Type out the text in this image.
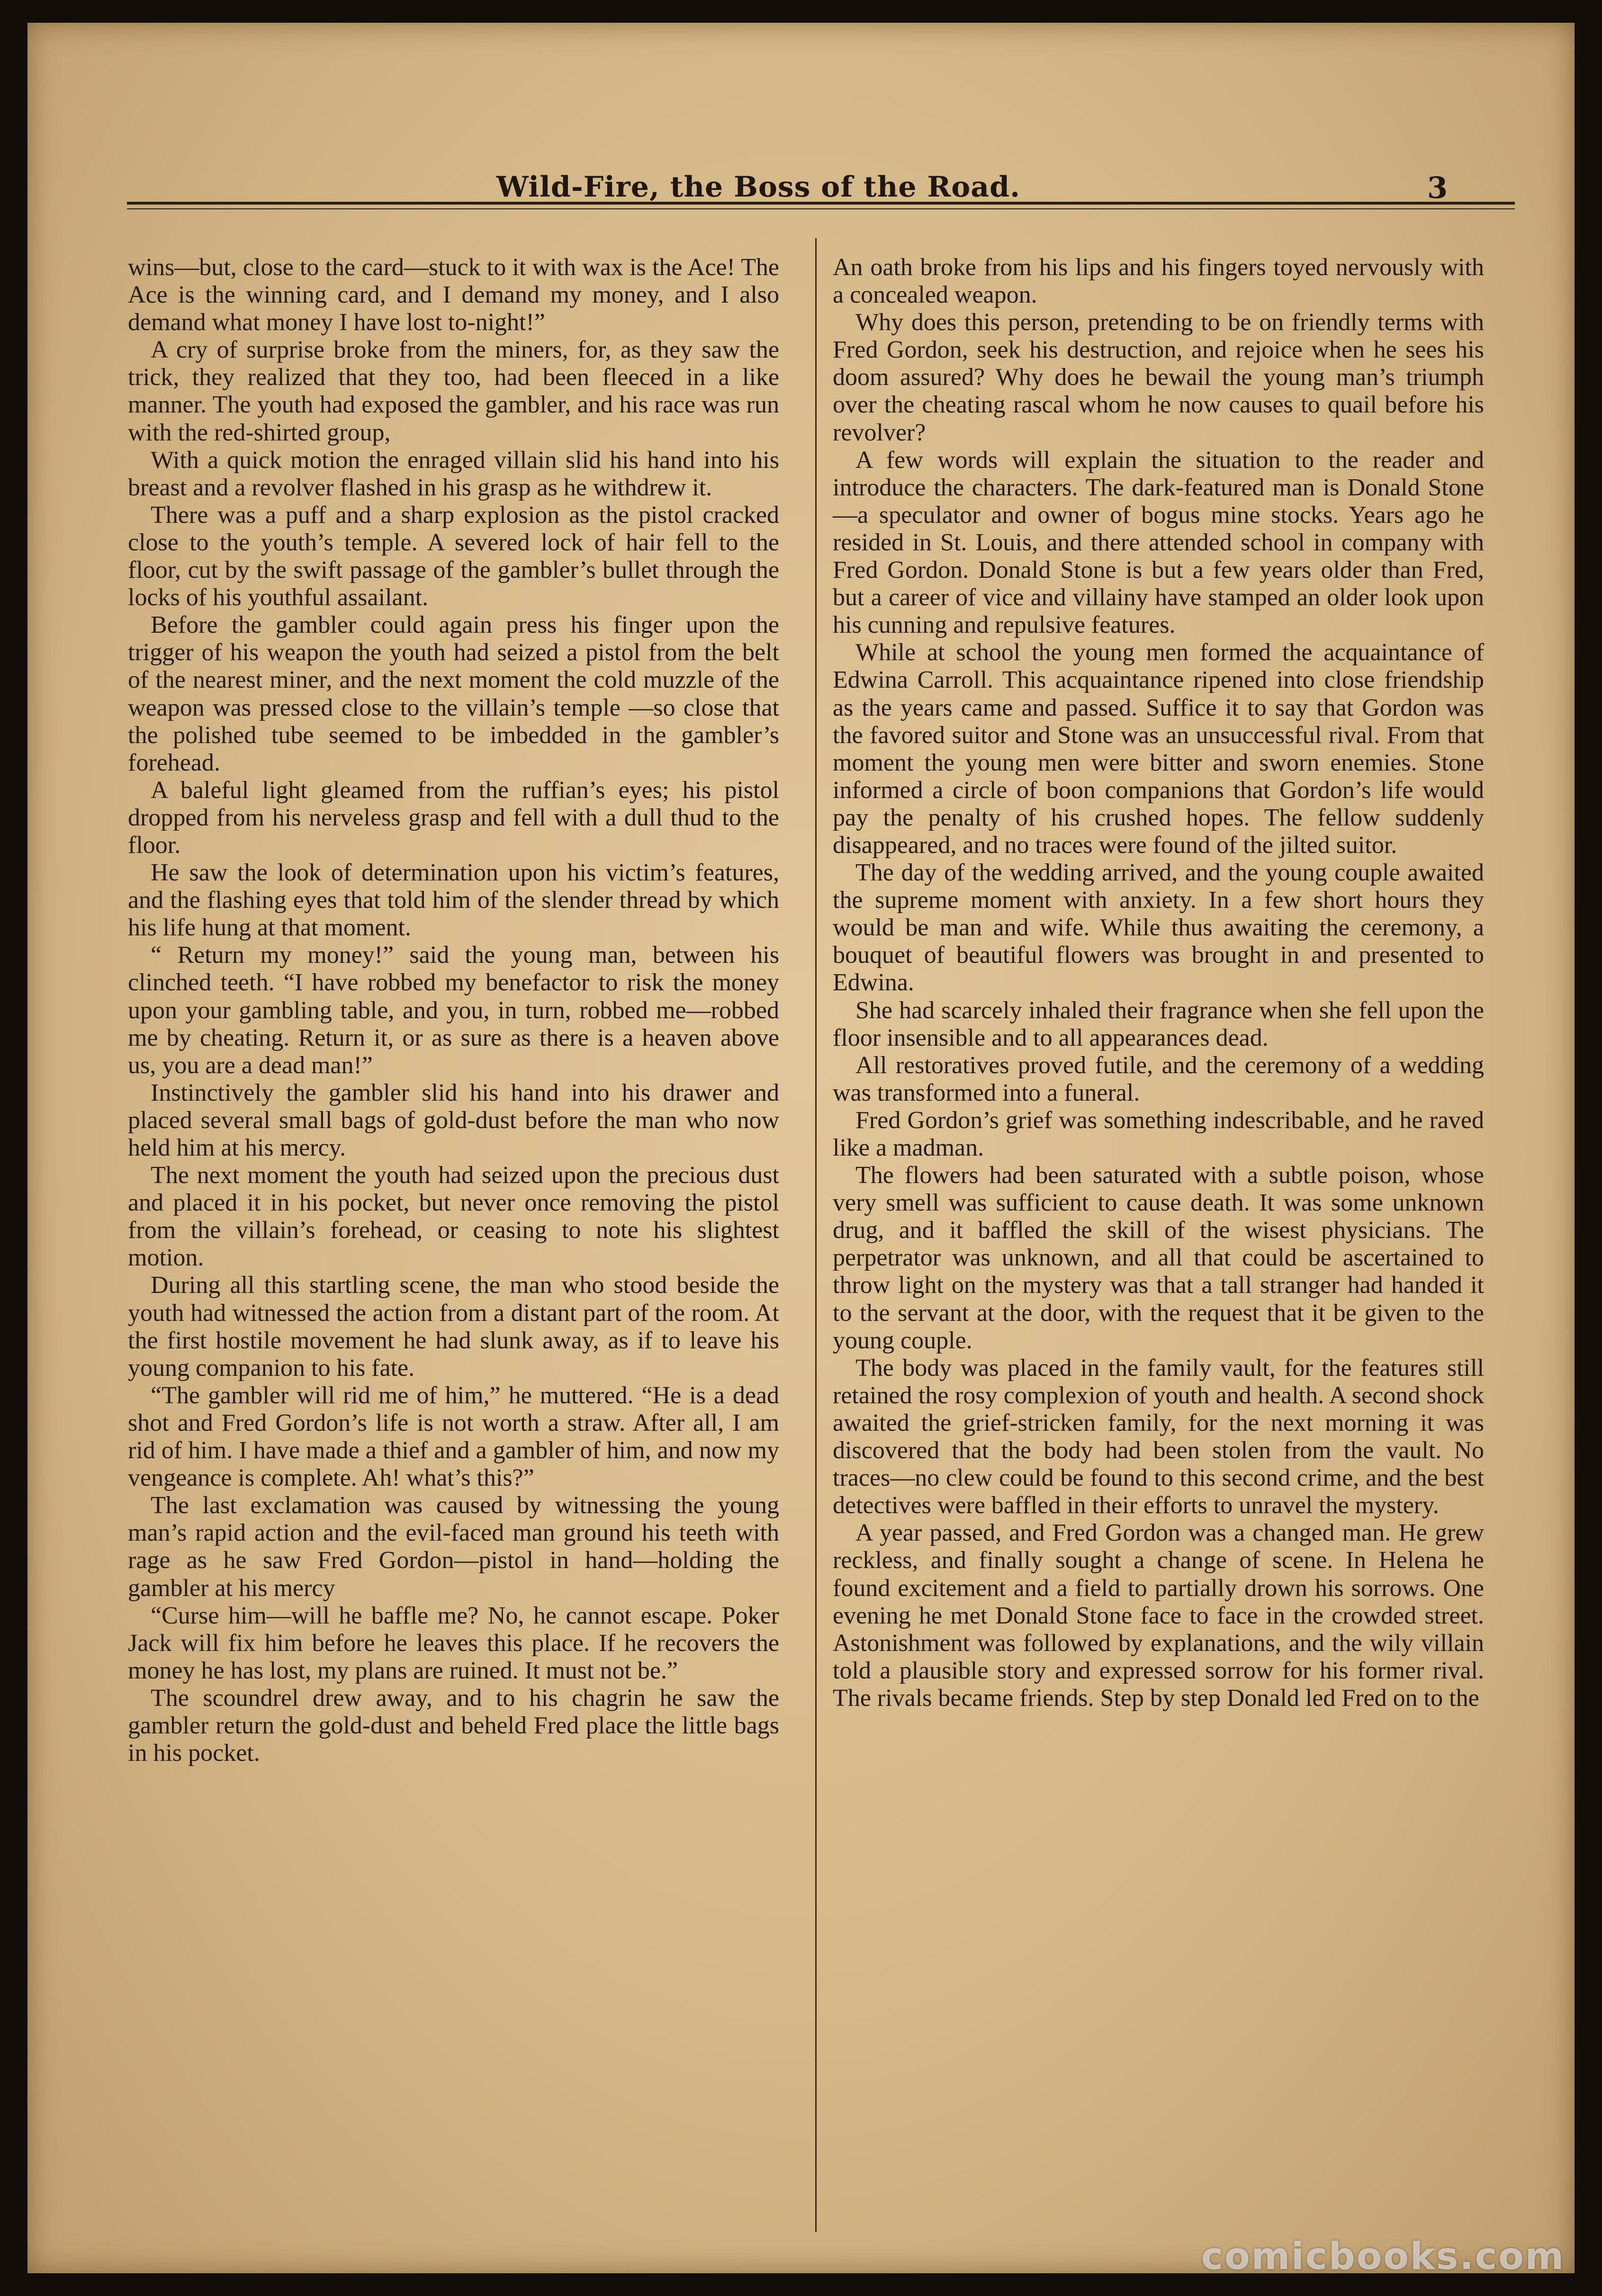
Wild-Fire, the Boss of the Road.	3

wins—but, close to the card—stuck to it with wax is the Ace! The Ace is the winning card, and I demand my money, and I also demand what money I have lost to-night!”

A cry of surprise broke from the miners, for, as they saw the trick, they realized that they too, had been fleeced in a like manner. The youth had exposed the gambler, and his race was run with the red-shirted group,

With a quick motion the enraged villain slid his hand into his breast and a revolver flashed in his grasp as he withdrew it.

There was a puff and a sharp explosion as the pistol cracked close to the youth’s temple. A severed lock of hair fell to the floor, cut by the swift passage of the gambler’s bullet through the locks of his youthful assailant.

Before the gambler could again press his finger upon the trigger of his weapon the youth had seized a pistol from the belt of the nearest miner, and the next moment the cold muzzle of the weapon was pressed close to the villain’s temple —so close that the polished tube seemed to be imbedded in the gambler’s forehead.

A baleful light gleamed from the ruffian’s eyes; his pistol dropped from his nerveless grasp and fell with a dull thud to the floor.

He saw the look of determination upon his victim’s features, and the flashing eyes that told him of the slender thread by which his life hung at that moment.

“ Return my money!” said the young man, between his clinched teeth. “I have robbed my benefactor to risk the money upon your gambling table, and you, in turn, robbed me—robbed me by cheating. Return it, or as sure as there is a heaven above us, you are a dead man!”

Instinctively the gambler slid his hand into his drawer and placed several small bags of gold-dust before the man who now held him at his mercy.

The next moment the youth had seized upon the precious dust and placed it in his pocket, but never once removing the pistol from the villain’s forehead, or ceasing to note his slightest motion.

During all this startling scene, the man who stood beside the youth had witnessed the action from a distant part of the room. At the first hostile movement he had slunk away, as if to leave his young companion to his fate.

“The gambler will rid me of him,” he muttered. “He is a dead shot and Fred Gordon’s life is not worth a straw. After all, I am rid of him. I have made a thief and a gambler of him, and now my vengeance is complete. Ah! what’s this?”

The last exclamation was caused by witnessing the young man’s rapid action and the evil-faced man ground his teeth with rage as he saw Fred Gordon—pistol in hand—holding the gambler at his mercy

“Curse him—will he baffle me? No, he cannot escape. Poker Jack will fix him before he leaves this place. If he recovers the money he has lost, my plans are ruined. It must not be.”

The scoundrel drew away, and to his chagrin he saw the gambler return the gold-dust and beheld Fred place the little bags in his pocket.

An oath broke from his lips and his fingers toyed nervously with a concealed weapon.

Why does this person, pretending to be on friendly terms with Fred Gordon, seek his destruction, and rejoice when he sees his doom assured? Why does he bewail the young man’s triumph over the cheating rascal whom he now causes to quail before his revolver?

A few words will explain the situation to the reader and introduce the characters. The dark-featured man is Donald Stone—a speculator and owner of bogus mine stocks. Years ago he resided in St. Louis, and there attended school in company with Fred Gordon. Donald Stone is but a few years older than Fred, but a career of vice and villainy have stamped an older look upon his cunning and repulsive features.

While at school the young men formed the acquaintance of Edwina Carroll. This acquaintance ripened into close friendship as the years came and passed. Suffice it to say that Gordon was the favored suitor and Stone was an unsuccessful rival. From that moment the young men were bitter and sworn enemies. Stone informed a circle of boon companions that Gordon’s life would pay the penalty of his crushed hopes. The fellow suddenly disappeared, and no traces were found of the jilted suitor.

The day of the wedding arrived, and the young couple awaited the supreme moment with anxiety. In a few short hours they would be man and wife. While thus awaiting the ceremony, a bouquet of beautiful flowers was brought in and presented to Edwina.

She had scarcely inhaled their fragrance when she fell upon the floor insensible and to all appearances dead.

All restoratives proved futile, and the ceremony of a wedding was transformed into a funeral.

Fred Gordon’s grief was something indescribable, and he raved like a madman.

The flowers had been saturated with a subtle poison, whose very smell was sufficient to cause death. It was some unknown drug, and it baffled the skill of the wisest physicians. The perpetrator was unknown, and all that could be ascertained to throw light on the mystery was that a tall stranger had handed it to the servant at the door, with the request that it be given to the young couple.

The body was placed in the family vault, for the features still retained the rosy complexion of youth and health. A second shock awaited the grief-stricken family, for the next morning it was discovered that the body had been stolen from the vault. No traces—no clew could be found to this second crime, and the best detectives were baffled in their efforts to unravel the mystery.

A year passed, and Fred Gordon was a changed man. He grew reckless, and finally sought a change of scene. In Helena he found excitement and a field to partially drown his sorrows. One evening he met Donald Stone face to face in the crowded street. Astonishment was followed by explanations, and the wily villain told a plausible story and expressed sorrow for his former rival. The rivals became friends. Step by step Donald led Fred on to the

comicbooks.com
